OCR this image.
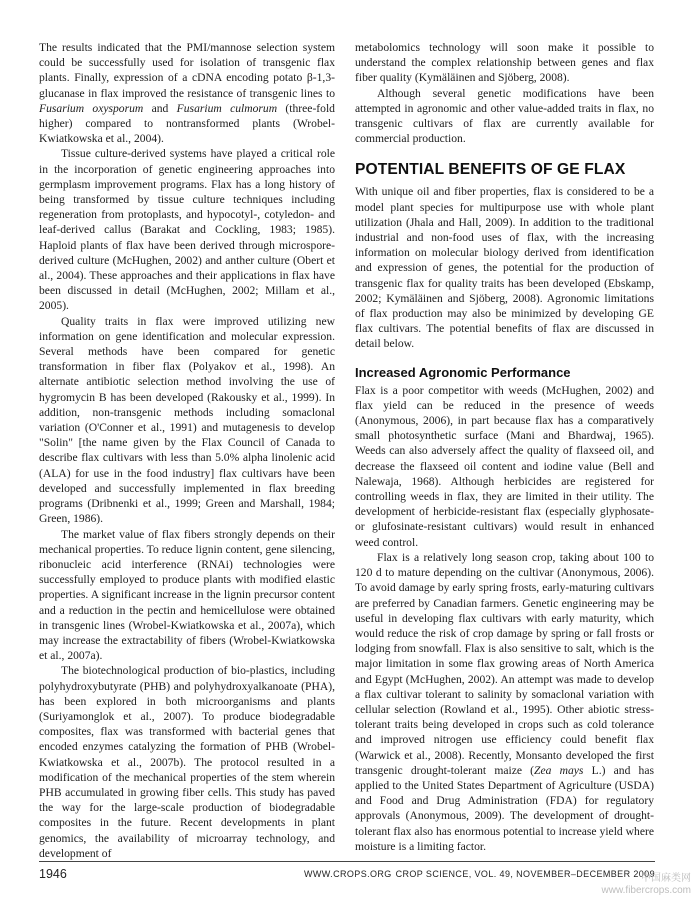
The results indicated that the PMI/mannose selection system could be successfully used for isolation of transgenic flax plants. Finally, expression of a cDNA encoding potato β-1,3-glucanase in flax improved the resistance of transgenic lines to Fusarium oxysporum and Fusarium culmorum (three-fold higher) compared to nontransformed plants (Wrobel-Kwiatkowska et al., 2004).

Tissue culture-derived systems have played a critical role in the incorporation of genetic engineering approaches into germplasm improvement programs. Flax has a long history of being transformed by tissue culture techniques including regeneration from protoplasts, and hypocotyl-, cotyledon- and leaf-derived callus (Barakat and Cockling, 1983; 1985). Haploid plants of flax have been derived through microspore-derived culture (McHughen, 2002) and anther culture (Obert et al., 2004). These approaches and their applications in flax have been discussed in detail (McHughen, 2002; Millam et al., 2005).

Quality traits in flax were improved utilizing new information on gene identification and molecular expression. Several methods have been compared for genetic transformation in fiber flax (Polyakov et al., 1998). An alternate antibiotic selection method involving the use of hygromycin B has been developed (Rakousky et al., 1999). In addition, non-transgenic methods including somaclonal variation (O'Conner et al., 1991) and mutagenesis to develop "Solin" [the name given by the Flax Council of Canada to describe flax cultivars with less than 5.0% alpha linolenic acid (ALA) for use in the food industry] flax cultivars have been developed and successfully implemented in flax breeding programs (Dribnenki et al., 1999; Green and Marshall, 1984; Green, 1986).

The market value of flax fibers strongly depends on their mechanical properties. To reduce lignin content, gene silencing, ribonucleic acid interference (RNAi) technologies were successfully employed to produce plants with modified elastic properties. A significant increase in the lignin precursor content and a reduction in the pectin and hemicellulose were obtained in transgenic lines (Wrobel-Kwiatkowska et al., 2007a), which may increase the extractability of fibers (Wrobel-Kwiatkowska et al., 2007a).

The biotechnological production of bio-plastics, including polyhydroxybutyrate (PHB) and polyhydroxyalkanoate (PHA), has been explored in both microorganisms and plants (Suriyamonglok et al., 2007). To produce biodegradable composites, flax was transformed with bacterial genes that encoded enzymes catalyzing the formation of PHB (Wrobel-Kwiatkowska et al., 2007b). The protocol resulted in a modification of the mechanical properties of the stem wherein PHB accumulated in growing fiber cells. This study has paved the way for the large-scale production of biodegradable composites in the future. Recent developments in plant genomics, the availability of microarray technology, and development of

metabolomics technology will soon make it possible to understand the complex relationship between genes and flax fiber quality (Kymäläinen and Sjöberg, 2008).

Although several genetic modifications have been attempted in agronomic and other value-added traits in flax, no transgenic cultivars of flax are currently available for commercial production.

POTENTIAL BENEFITS OF GE FLAX

With unique oil and fiber properties, flax is considered to be a model plant species for multipurpose use with whole plant utilization (Jhala and Hall, 2009). In addition to the traditional industrial and non-food uses of flax, with the increasing information on molecular biology derived from identification and expression of genes, the potential for the production of transgenic flax for quality traits has been developed (Ebskamp, 2002; Kymäläinen and Sjöberg, 2008). Agronomic limitations of flax production may also be minimized by developing GE flax cultivars. The potential benefits of flax are discussed in detail below.

Increased Agronomic Performance

Flax is a poor competitor with weeds (McHughen, 2002) and flax yield can be reduced in the presence of weeds (Anonymous, 2006), in part because flax has a comparatively small photosynthetic surface (Mani and Bhardwaj, 1965). Weeds can also adversely affect the quality of flaxseed oil, and decrease the flaxseed oil content and iodine value (Bell and Nalewaja, 1968). Although herbicides are registered for controlling weeds in flax, they are limited in their utility. The development of herbicide-resistant flax (especially glyphosate- or glufosinate-resistant cultivars) would result in enhanced weed control.

Flax is a relatively long season crop, taking about 100 to 120 d to mature depending on the cultivar (Anonymous, 2006). To avoid damage by early spring frosts, early-maturing cultivars are preferred by Canadian farmers. Genetic engineering may be useful in developing flax cultivars with early maturity, which would reduce the risk of crop damage by spring or fall frosts or lodging from snowfall. Flax is also sensitive to salt, which is the major limitation in some flax growing areas of North America and Egypt (McHughen, 2002). An attempt was made to develop a flax cultivar tolerant to salinity by somaclonal variation with cellular selection (Rowland et al., 1995). Other abiotic stress-tolerant traits being developed in crops such as cold tolerance and improved nitrogen use efficiency could benefit flax (Warwick et al., 2008). Recently, Monsanto developed the first transgenic drought-tolerant maize (Zea mays L.) and has applied to the United States Department of Agriculture (USDA) and Food and Drug Administration (FDA) for regulatory approvals (Anonymous, 2009). The development of drought-tolerant flax also has enormous potential to increase yield where moisture is a limiting factor.

1946	WWW.CROPS.ORG CROP SCIENCE, VOL. 49, NOVEMBER–DECEMBER 2009
中国麻类网
www.fibercrops.com
